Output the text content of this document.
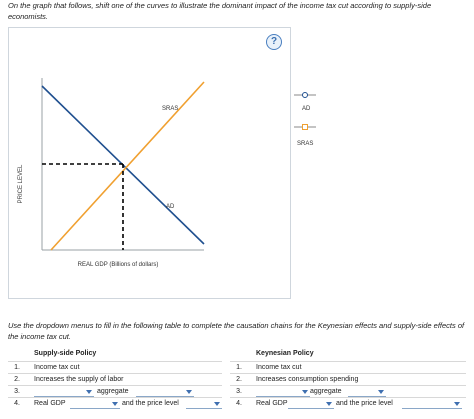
On the graph that follows, shift one of the curves to illustrate the dominant impact of the income tax cut according to supply-side economists.
PRICE LEVEL
REAL GDP (Billions of dollars)
SRAS
AD
?
AD
SRAS
Use the dropdown menus to fill in the following table to complete the causation chains for the Keynesian effects and supply-side effects of the income tax cut.
Supply-side Policy
1.	Income tax cut
2.	Increases the supply of labor
3.	aggregate
4.	Real GDP	and the price level
Keynesian Policy
1.	Income tax cut
2.	Increases consumption spending
3.	aggregate
4.	Real GDP	and the price level
